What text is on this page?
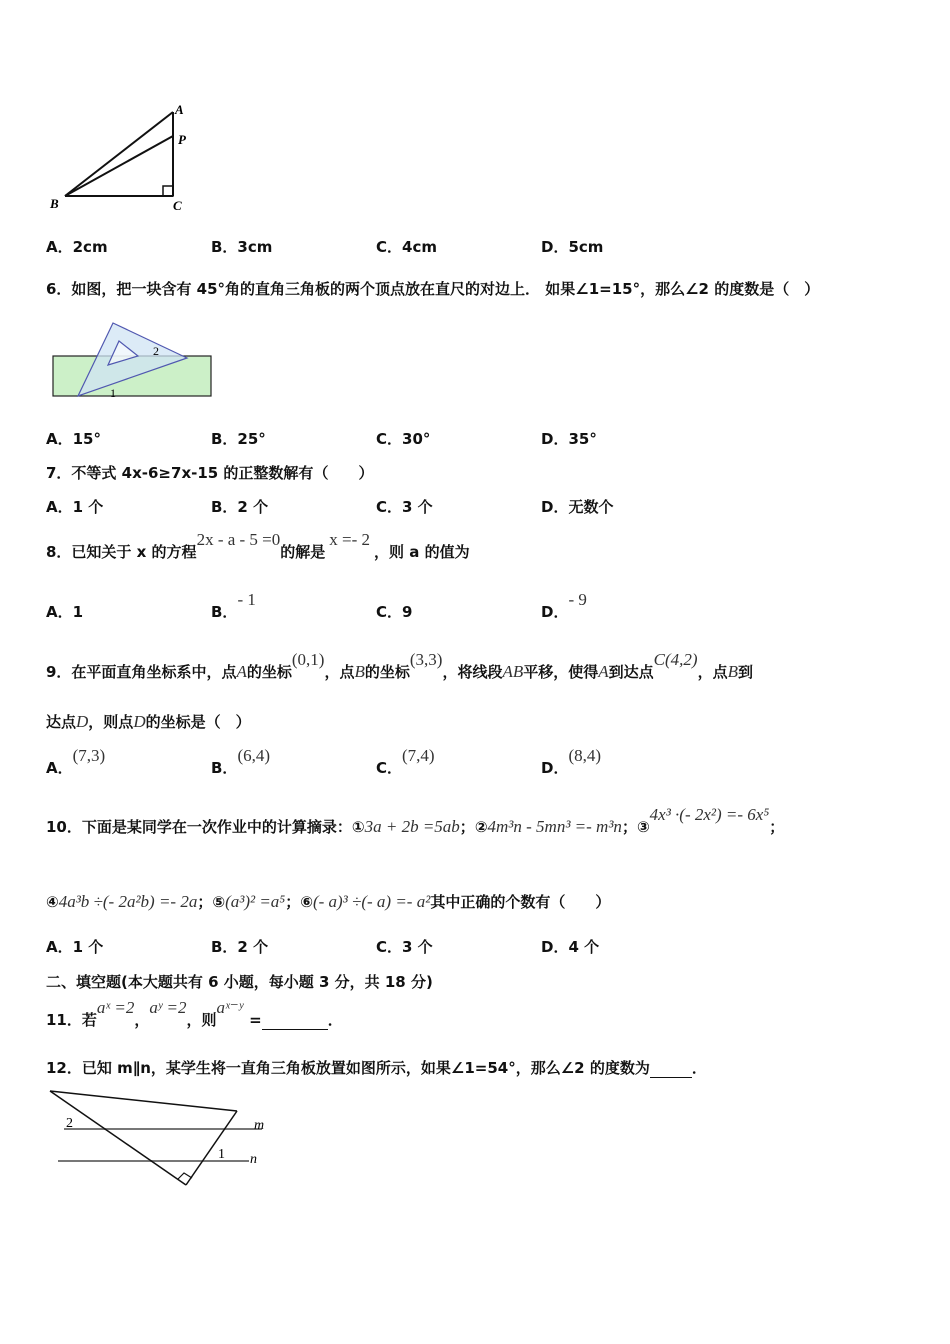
A
P
B	C
A．2cm	B．3cm	C．4cm	D．5cm
6．如图，把一块含有 45°角的直角三角板的两个顶点放在直尺的对边上． 如果∠1=15°，那么∠2 的度数是（　）
2
1
A．15°	B．25°	C．30°	D．35°
7．不等式 4x-6≥7x-15 的正整数解有（　　）
A．1 个	B．2 个	C．3 个	D．无数个
8．已知关于 x 的方程2x - a - 5 =0的解是x =- 2，则 a 的值为
A．1	B．- 1
C．9	D．- 9
9．在平面直角坐标系中，点A的坐标(0,1)，点B的坐标(3,3)，将线段AB平移，使得A到达点C(4,2)，点B到
达点D，则点D的坐标是（　）
A．(7,3)
B．(6,4)
C．(7,4)
D．(8,4)
10．下面是某同学在一次作业中的计算摘录：①3a + 2b =5ab；②4m³n - 5mn³ =- m³n；③4x³ ·(- 2x²) =- 6x⁵；
④4a³b ÷(- 2a²b) =- 2a；⑤(a³)² =a⁵；⑥(- a)³ ÷(- a) =- a²其中正确的个数有（　　）
A．1 个	B．2 个	C．3 个	D．4 个
二、填空题(本大题共有 6 小题，每小题 3 分，共 18 分)
11．若aˣ =2，aʸ =2，则aˣ⁻ʸ=	．
12．已知 m∥n，某学生将一直角三角板放置如图所示，如果∠1=54°，那么∠2 的度数为	．
2	m
1 n
